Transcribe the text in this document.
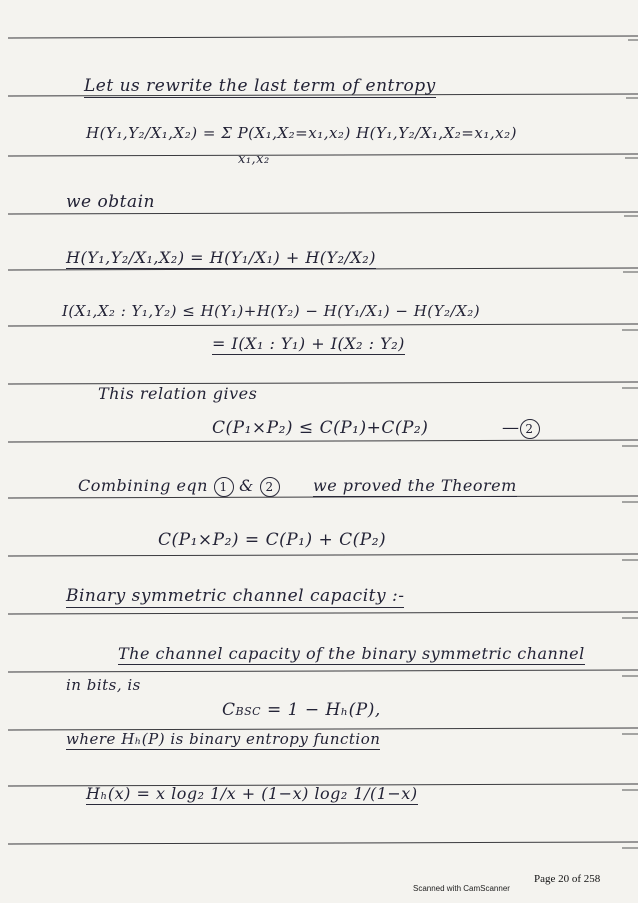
Let us rewrite the last term of entropy
H(Y₁,Y₂/X₁,X₂) = Σ P(X₁,X₂=x₁,x₂) H(Y₁,Y₂/X₁,X₂=x₁,x₂)
x₁,x₂
we obtain
H(Y₁,Y₂/X₁,X₂) = H(Y₁/X₁) + H(Y₂/X₂)
I(X₁,X₂ : Y₁,Y₂) ≤ H(Y₁)+H(Y₂) − H(Y₁/X₁) − H(Y₂/X₂)
= I(X₁ : Y₁) + I(X₂ : Y₂)
This relation gives
C(P₁×P₂) ≤ C(P₁)+C(P₂)	— 2
Combining eqn 1 & 2 we proved the Theorem
C(P₁×P₂) = C(P₁) + C(P₂)
Binary symmetric channel capacity :-
The channel capacity of the binary symmetric channel
in bits, is
CBSC = 1 − Hₕ(P),
where Hₕ(P) is binary entropy function
Hₕ(x) = x log₂ 1/x + (1−x) log₂ 1/(1−x)
Page 20 of 258
Scanned with CamScanner
